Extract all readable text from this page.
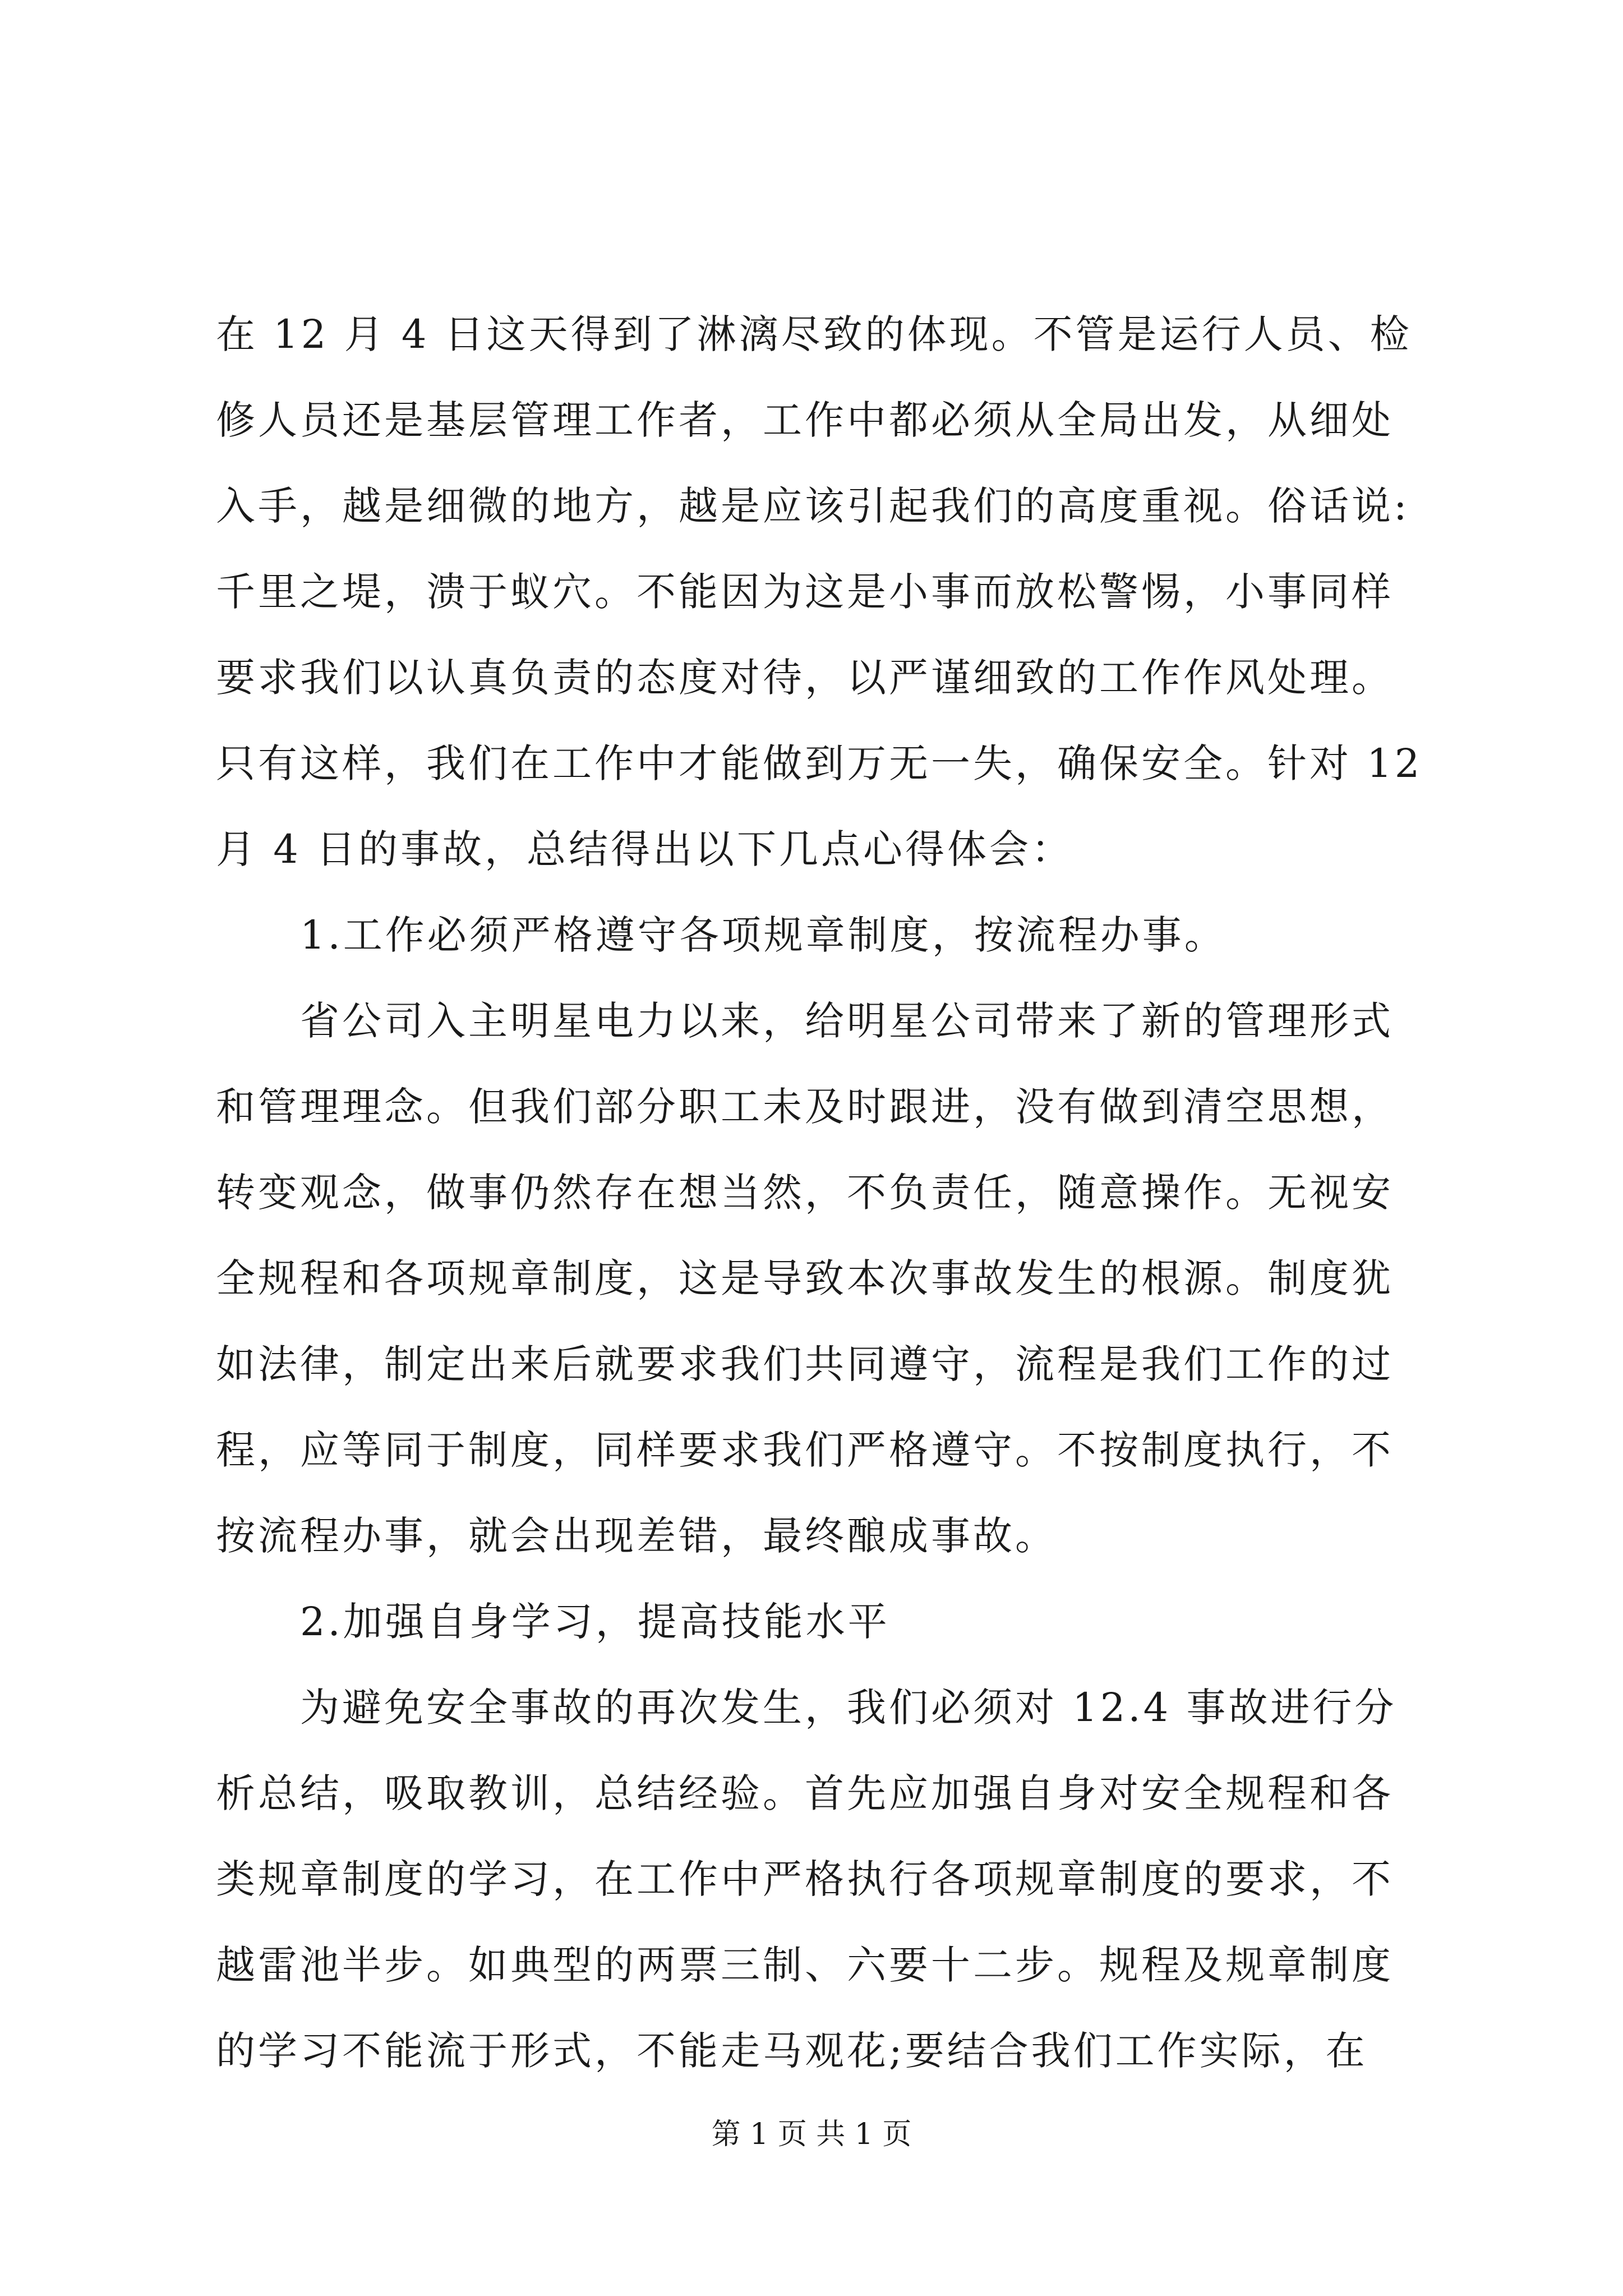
在 12 月 4 日这天得到了淋漓尽致的体现。不管是运行人员、检
修人员还是基层管理工作者，工作中都必须从全局出发，从细处
入手，越是细微的地方，越是应该引起我们的高度重视。俗话说:
千里之堤，溃于蚁穴。不能因为这是小事而放松警惕，小事同样
要求我们以认真负责的态度对待，以严谨细致的工作作风处理。
只有这样，我们在工作中才能做到万无一失，确保安全。针对 12
月 4 日的事故，总结得出以下几点心得体会：
1.工作必须严格遵守各项规章制度，按流程办事。
省公司入主明星电力以来，给明星公司带来了新的管理形式
和管理理念。但我们部分职工未及时跟进，没有做到清空思想，
转变观念，做事仍然存在想当然，不负责任，随意操作。无视安
全规程和各项规章制度，这是导致本次事故发生的根源。制度犹
如法律，制定出来后就要求我们共同遵守，流程是我们工作的过
程，应等同于制度，同样要求我们严格遵守。不按制度执行，不
按流程办事，就会出现差错，最终酿成事故。
2.加强自身学习，提高技能水平
为避免安全事故的再次发生，我们必须对 12.4 事故进行分
析总结，吸取教训，总结经验。首先应加强自身对安全规程和各
类规章制度的学习，在工作中严格执行各项规章制度的要求，不
越雷池半步。如典型的两票三制、六要十二步。规程及规章制度
的学习不能流于形式，不能走马观花;要结合我们工作实际，在
第 1 页 共 1 页
